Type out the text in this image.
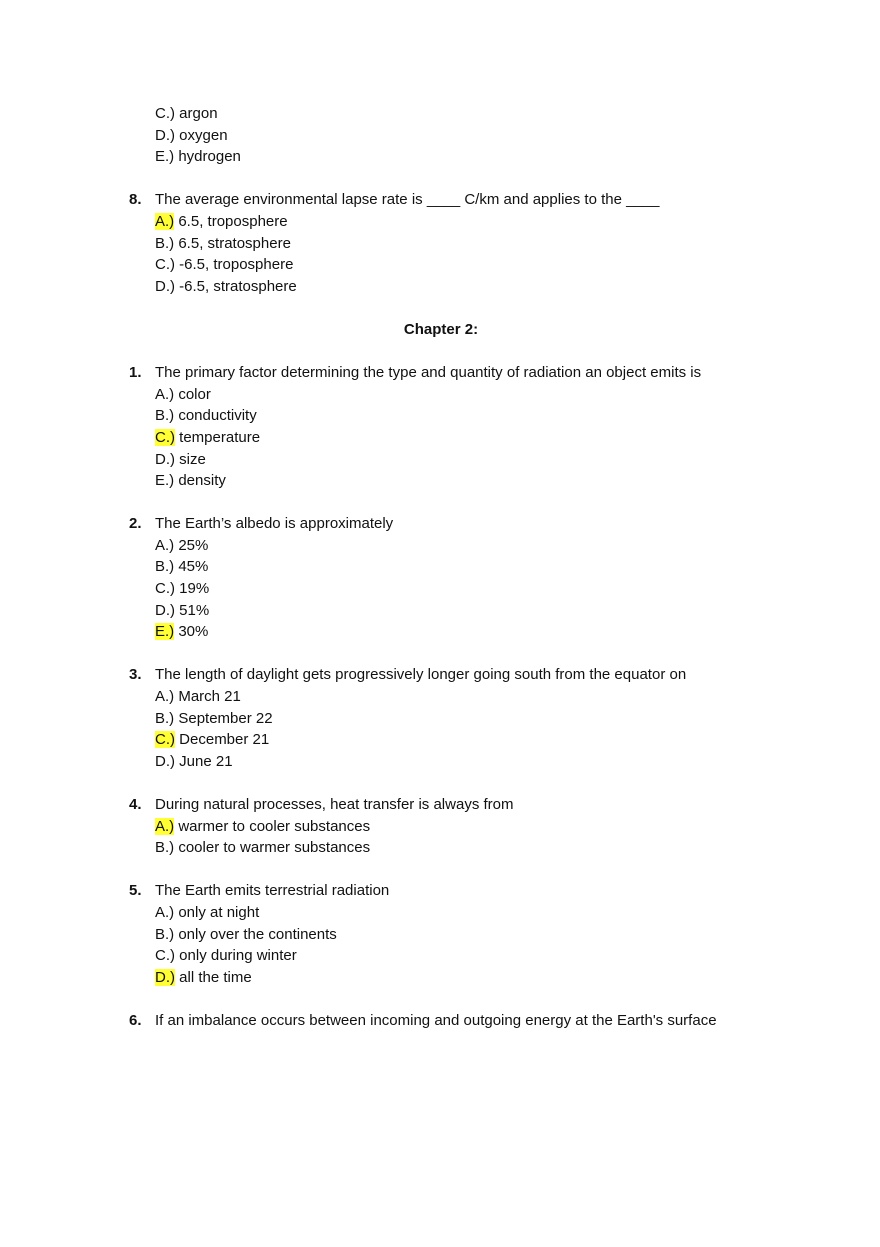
C.) argon
D.) oxygen
E.) hydrogen
8. The average environmental lapse rate is ____ C/km and applies to the ____
A.) 6.5, troposphere
B.) 6.5, stratosphere
C.) -6.5, troposphere
D.) -6.5, stratosphere
Chapter 2:
1. The primary factor determining the type and quantity of radiation an object emits is
A.) color
B.) conductivity
C.) temperature
D.) size
E.) density
2. The Earth’s albedo is approximately
A.) 25%
B.) 45%
C.) 19%
D.) 51%
E.) 30%
3. The length of daylight gets progressively longer going south from the equator on
A.) March 21
B.) September 22
C.) December 21
D.) June 21
4. During natural processes, heat transfer is always from
A.) warmer to cooler substances
B.) cooler to warmer substances
5. The Earth emits terrestrial radiation
A.) only at night
B.) only over the continents
C.) only during winter
D.) all the time
6. If an imbalance occurs between incoming and outgoing energy at the Earth's surface
